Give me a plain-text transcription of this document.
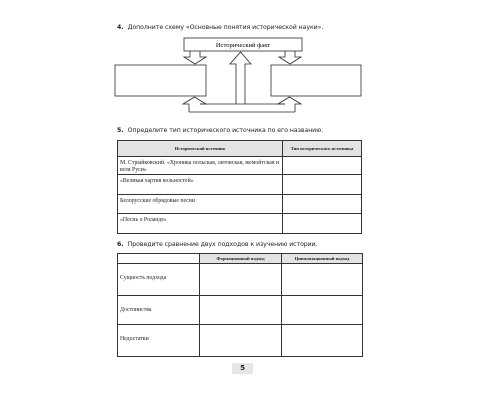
4. Дополните схему «Основные понятия исторической науки».
Исторический факт
5. Определите тип исторического источника по его названию.
Исторический источник	Тип исторического источника
М. Стрыйковский. «Хроника польская, литовская, жемойтская и всея Руси»	
«Великая хартия вольностей»	
Белорусские обрядовые песни	
«Песнь о Роланде»	
6. Проведите сравнение двух подходов к изучению истории.
	Формационный подход	Цивилизационный подход
Сущность подхода		
Достоинства		
Недостатки		
5
